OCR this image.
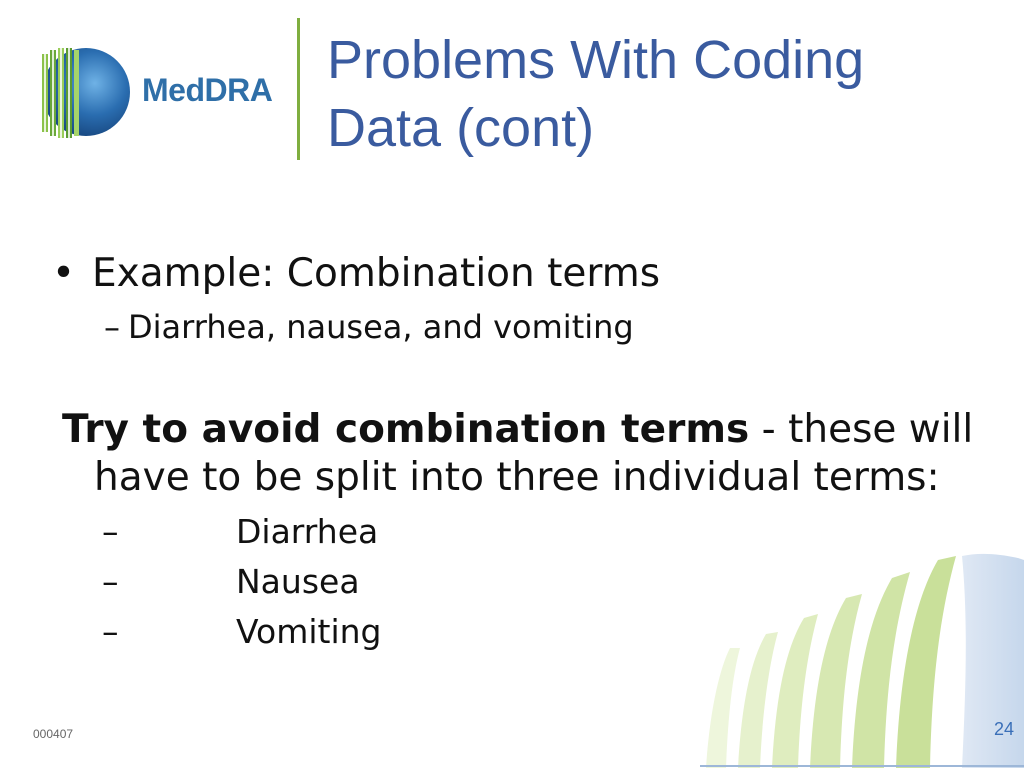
MedDRA Problems With Coding
Data (cont)
• Example: Combination terms
– Diarrhea, nausea, and vomiting
Try to avoid combination terms - these will
have to be split into three individual terms:
–	Diarrhea
–	Nausea
–	Vomiting
000407	24
